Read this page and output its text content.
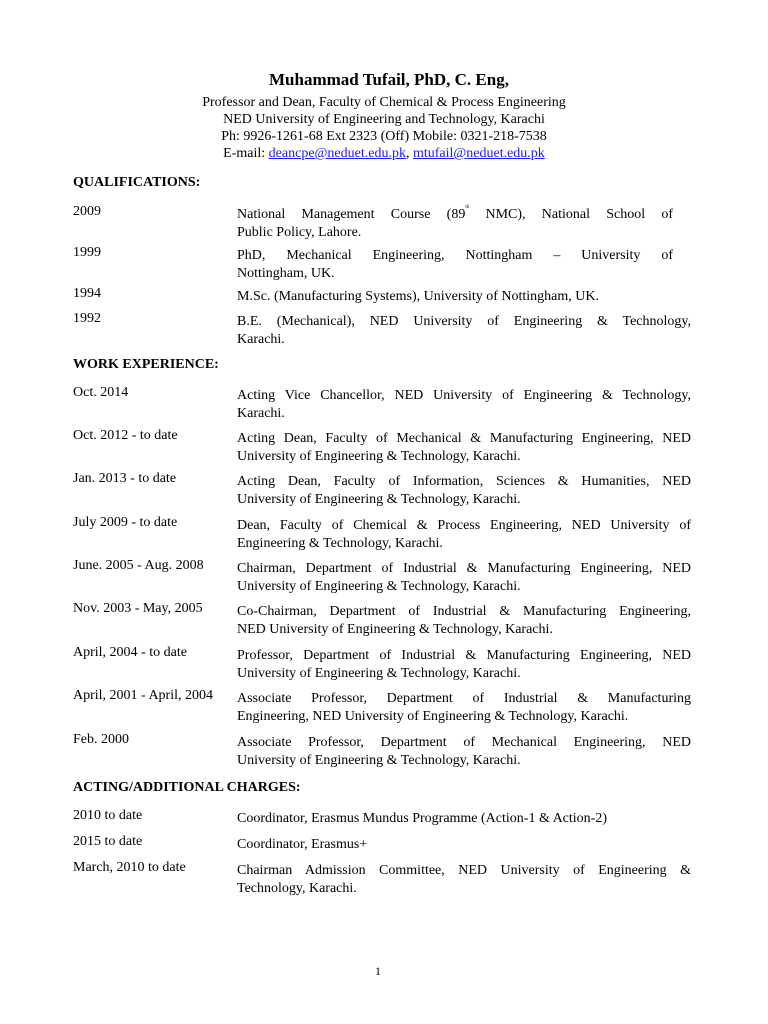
Muhammad Tufail, PhD, C. Eng,
Professor and Dean, Faculty of Chemical & Process Engineering
NED University of Engineering and Technology, Karachi
Ph: 9926-1261-68 Ext 2323 (Off) Mobile: 0321-218-7538
E-mail: deancpe@neduet.edu.pk, mtufail@neduet.edu.pk
QUALIFICATIONS:
2009	National Management Course (89th NMC), National School of
Public Policy, Lahore.
1999	PhD, Mechanical Engineering, Nottingham – University of
Nottingham, UK.
1994	M.Sc. (Manufacturing Systems), University of Nottingham, UK.
1992	B.E. (Mechanical), NED University of Engineering & Technology,
Karachi.
WORK EXPERIENCE:
Oct. 2014	Acting Vice Chancellor, NED University of Engineering & Technology,
Karachi.
Oct. 2012 - to date	Acting Dean, Faculty of Mechanical & Manufacturing Engineering, NED
University of Engineering & Technology, Karachi.
Jan. 2013 - to date	Acting Dean, Faculty of Information, Sciences & Humanities, NED
University of Engineering & Technology, Karachi.
July 2009 - to date	Dean, Faculty of Chemical & Process Engineering, NED University of
Engineering & Technology, Karachi.
June. 2005 - Aug. 2008	Chairman, Department of Industrial & Manufacturing Engineering, NED
University of Engineering & Technology, Karachi.
Nov. 2003 - May, 2005	Co-Chairman, Department of Industrial & Manufacturing Engineering,
NED University of Engineering & Technology, Karachi.
April, 2004 - to date	Professor, Department of Industrial & Manufacturing Engineering, NED
University of Engineering & Technology, Karachi.
April, 2001 - April, 2004	Associate Professor, Department of Industrial & Manufacturing
Engineering, NED University of Engineering & Technology, Karachi.
Feb. 2000	Associate Professor, Department of Mechanical Engineering, NED
University of Engineering & Technology, Karachi.
ACTING/ADDITIONAL CHARGES:
2010 to date	Coordinator, Erasmus Mundus Programme (Action-1 & Action-2)
2015 to date	Coordinator, Erasmus+
March, 2010 to date	Chairman Admission Committee, NED University of Engineering &
Technology, Karachi.
1
